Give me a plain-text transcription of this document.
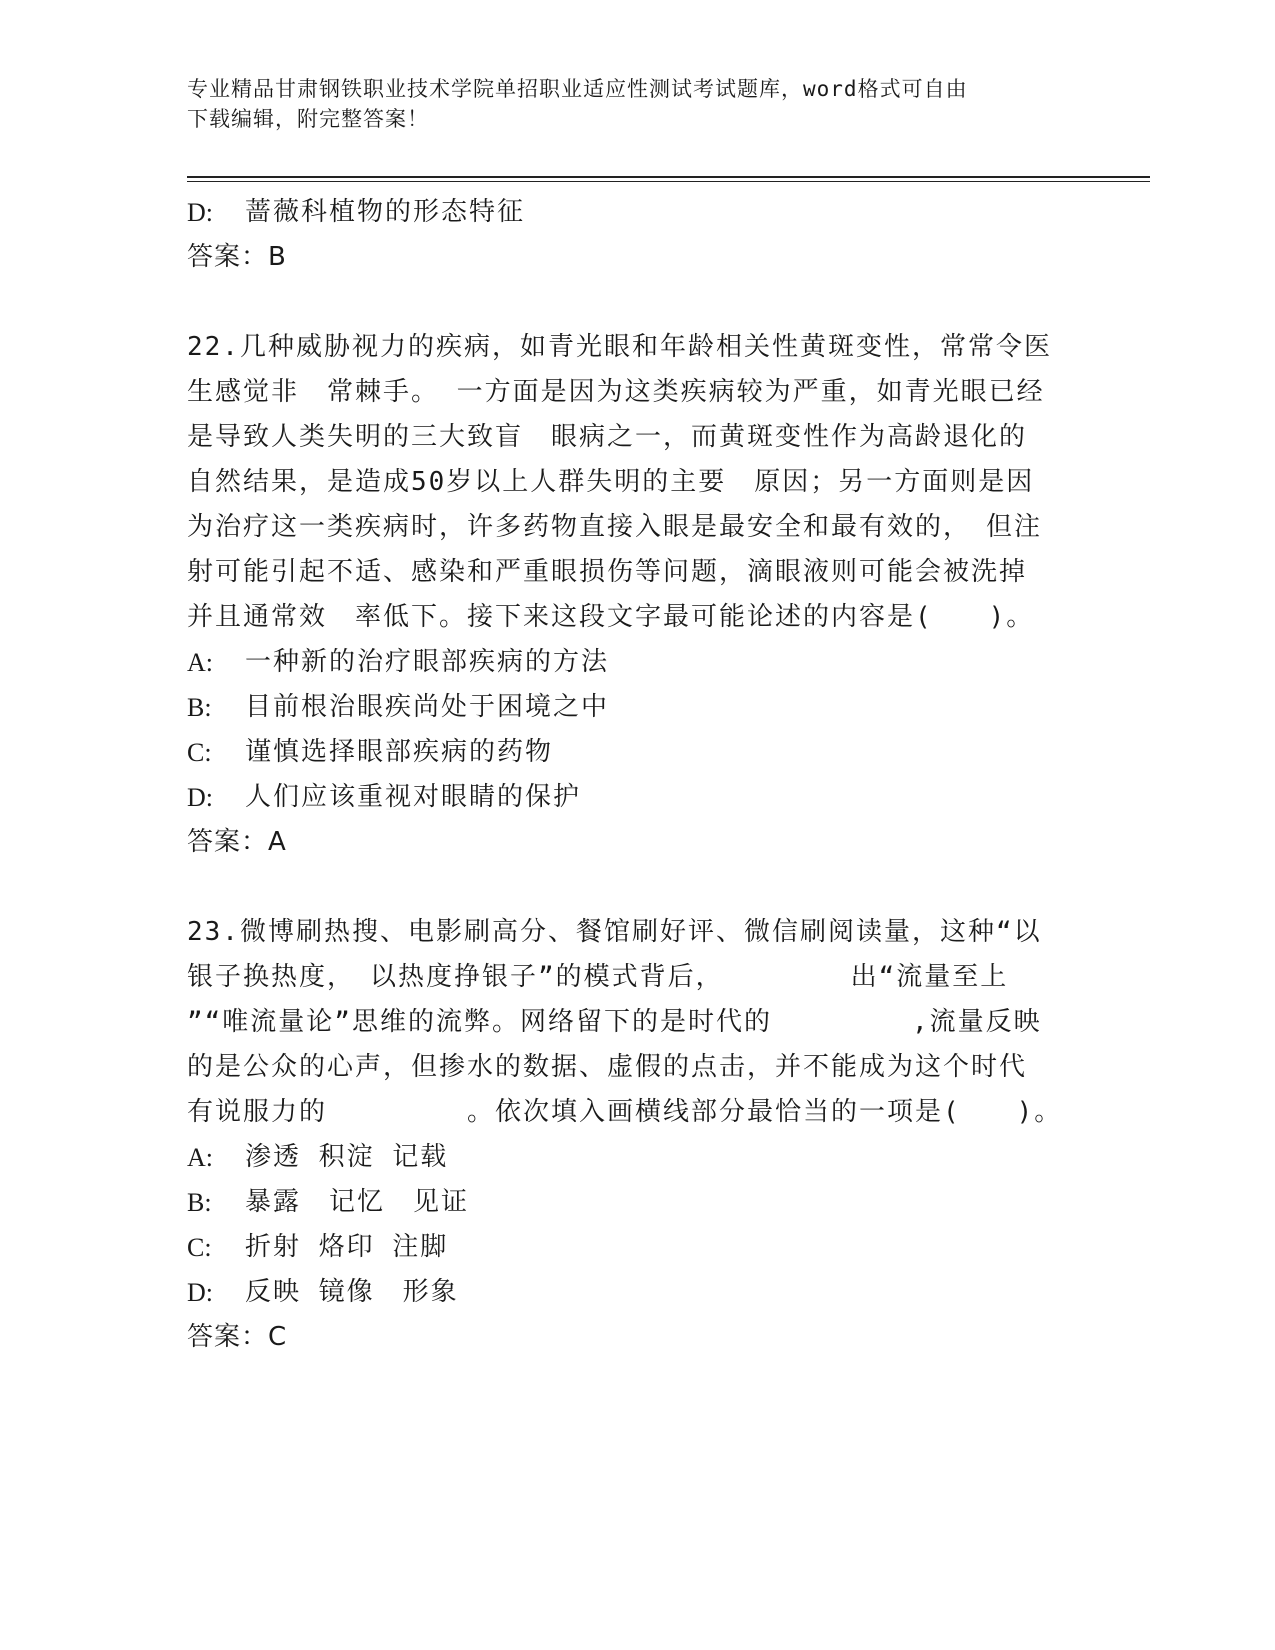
专业精品甘肃钢铁职业技术学院单招职业适应性测试考试题库，word格式可自由
下载编辑，附完整答案！
D:	蔷薇科植物的形态特征
答案：B
22.几种威胁视力的疾病，如青光眼和年龄相关性黄斑变性，常常令医
生感觉非　常棘手。 一方面是因为这类疾病较为严重，如青光眼已经
是导致人类失明的三大致盲　眼病之一，而黄斑变性作为高龄退化的
自然结果，是造成50岁以上人群失明的主要　原因；另一方面则是因
为治疗这一类疾病时，许多药物直接入眼是最安全和最有效的，　但注
射可能引起不适、感染和严重眼损伤等问题，滴眼液则可能会被洗掉
并且通常效　率低下。接下来这段文字最可能论述的内容是(　　)。
A:	一种新的治疗眼部疾病的方法
B:	目前根治眼疾尚处于困境之中
C:	谨慎选择眼部疾病的药物
D:	人们应该重视对眼睛的保护
答案：A
23.微博刷热搜、电影刷高分、餐馆刷好评、微信刷阅读量，这种“以
银子换热度，　以热度挣银子”的模式背后，　　　　　出“流量至上
”“唯流量论”思维的流弊。网络留下的是时代的　　　　　,流量反映
的是公众的心声，但掺水的数据、虚假的点击，并不能成为这个时代
有说服力的　　　　　。依次填入画横线部分最恰当的一项是(　　)。
A:	渗透 积淀 记载
B:	暴露　记忆　见证
C:	折射 烙印 注脚
D:	反映 镜像　形象
答案：C
